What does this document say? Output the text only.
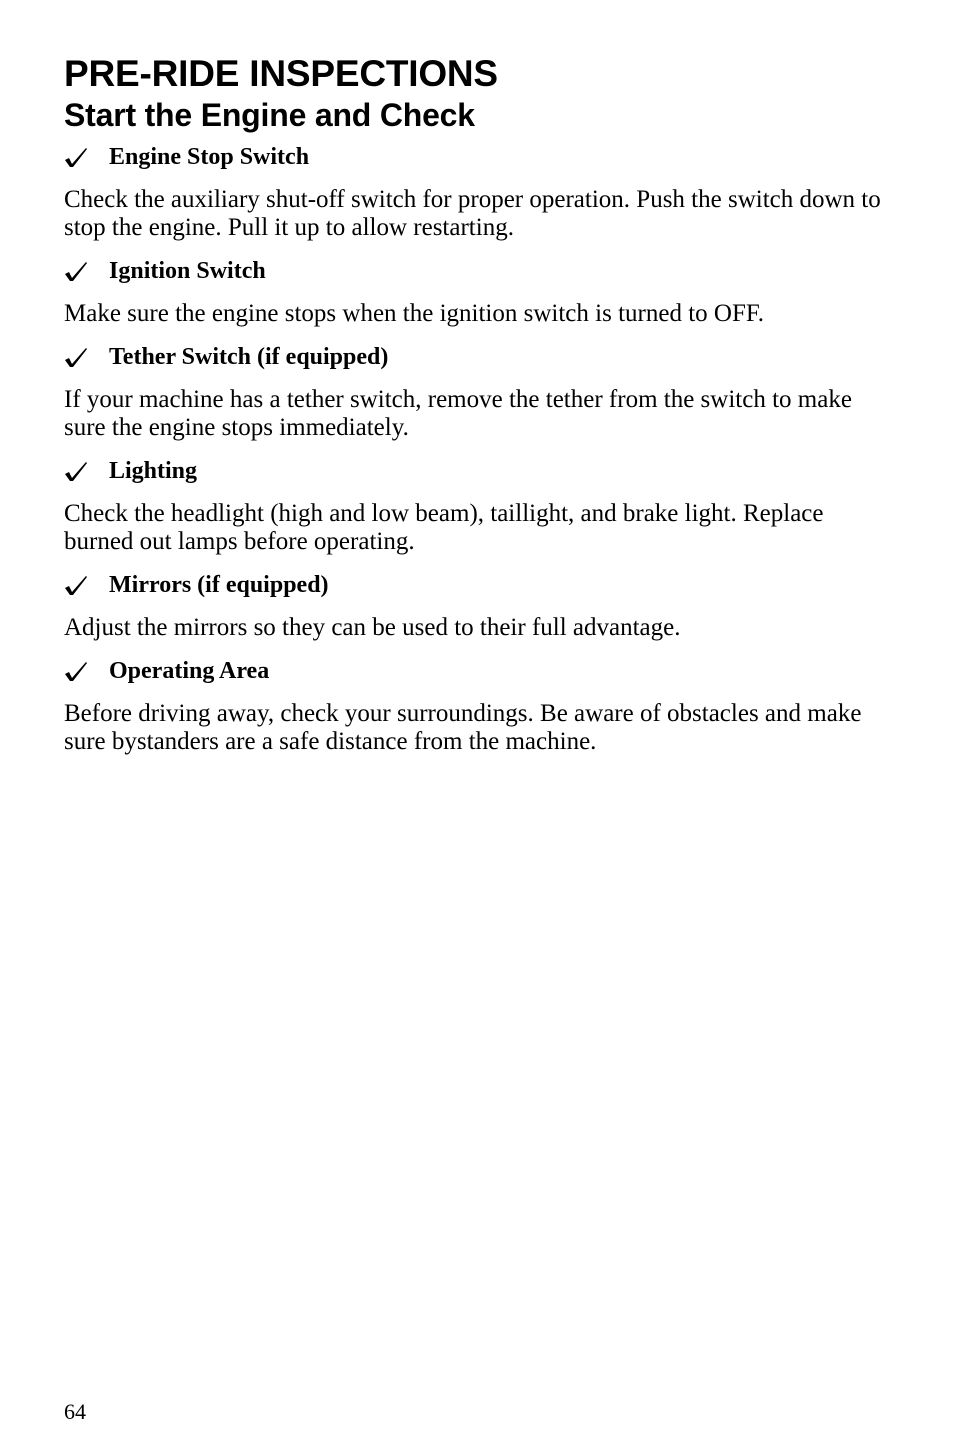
PRE-RIDE INSPECTIONS
Start the Engine and Check
Engine Stop Switch

Check the auxiliary shut-off switch for proper operation. Push the switch down to stop the engine. Pull it up to allow restarting.

Ignition Switch

Make sure the engine stops when the ignition switch is turned to OFF.

Tether Switch (if equipped)

If your machine has a tether switch, remove the tether from the switch to make sure the engine stops immediately.

Lighting

Check the headlight (high and low beam), taillight, and brake light. Replace burned out lamps before operating.

Mirrors (if equipped)

Adjust the mirrors so they can be used to their full advantage.

Operating Area

Before driving away, check your surroundings. Be aware of obstacles and make sure bystanders are a safe distance from the machine.

64
